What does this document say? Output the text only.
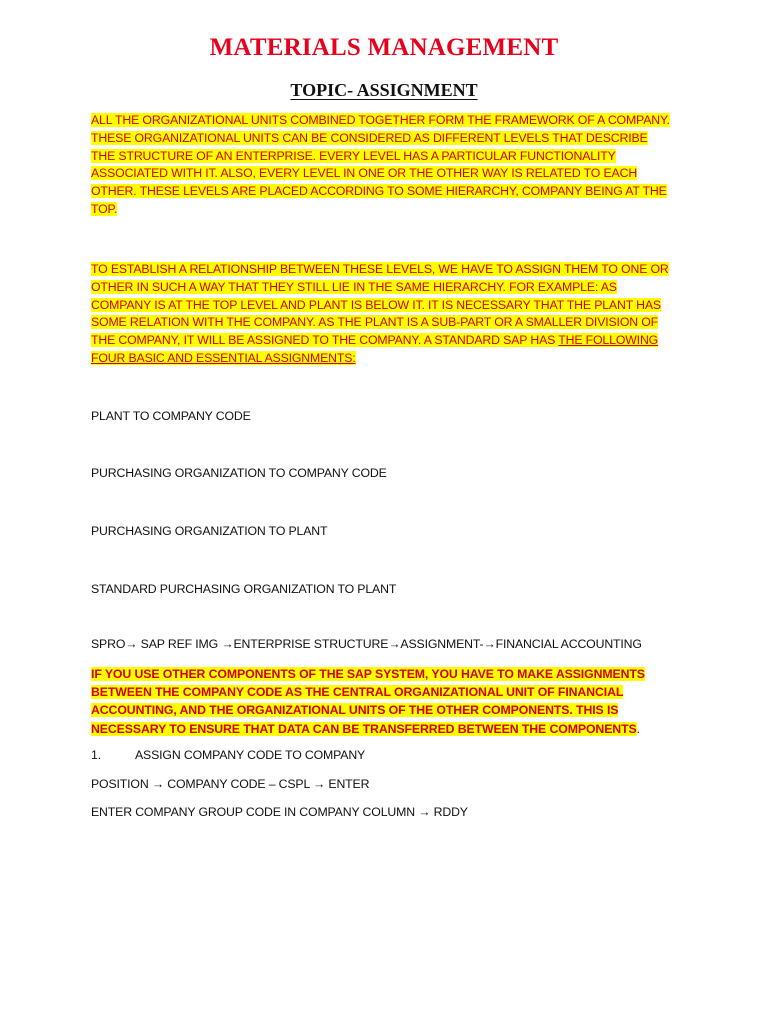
MATERIALS MANAGEMENT
TOPIC- ASSIGNMENT
ALL THE ORGANIZATIONAL UNITS COMBINED TOGETHER FORM THE FRAMEWORK OF A COMPANY. THESE ORGANIZATIONAL UNITS CAN BE CONSIDERED AS DIFFERENT LEVELS THAT DESCRIBE THE STRUCTURE OF AN ENTERPRISE. EVERY LEVEL HAS A PARTICULAR FUNCTIONALITY ASSOCIATED WITH IT. ALSO, EVERY LEVEL IN ONE OR THE OTHER WAY IS RELATED TO EACH OTHER. THESE LEVELS ARE PLACED ACCORDING TO SOME HIERARCHY, COMPANY BEING AT THE TOP.
TO ESTABLISH A RELATIONSHIP BETWEEN THESE LEVELS, WE HAVE TO ASSIGN THEM TO ONE OR OTHER IN SUCH A WAY THAT THEY STILL LIE IN THE SAME HIERARCHY. FOR EXAMPLE: AS COMPANY IS AT THE TOP LEVEL AND PLANT IS BELOW IT. IT IS NECESSARY THAT THE PLANT HAS SOME RELATION WITH THE COMPANY. AS THE PLANT IS A SUB-PART OR A SMALLER DIVISION OF THE COMPANY, IT WILL BE ASSIGNED TO THE COMPANY. A STANDARD SAP HAS THE FOLLOWING FOUR BASIC AND ESSENTIAL ASSIGNMENTS:
PLANT TO COMPANY CODE
PURCHASING ORGANIZATION TO COMPANY CODE
PURCHASING ORGANIZATION TO PLANT
STANDARD PURCHASING ORGANIZATION TO PLANT
SPRO→ SAP REF IMG →ENTERPRISE STRUCTURE→ASSIGNMENT-→FINANCIAL ACCOUNTING
IF YOU USE OTHER COMPONENTS OF THE SAP SYSTEM, YOU HAVE TO MAKE ASSIGNMENTS BETWEEN THE COMPANY CODE AS THE CENTRAL ORGANIZATIONAL UNIT OF FINANCIAL ACCOUNTING, AND THE ORGANIZATIONAL UNITS OF THE OTHER COMPONENTS. THIS IS NECESSARY TO ENSURE THAT DATA CAN BE TRANSFERRED BETWEEN THE COMPONENTS.
1.	ASSIGN COMPANY CODE TO COMPANY
POSITION → COMPANY CODE – CSPL → ENTER
ENTER COMPANY GROUP CODE IN COMPANY COLUMN → RDDY
